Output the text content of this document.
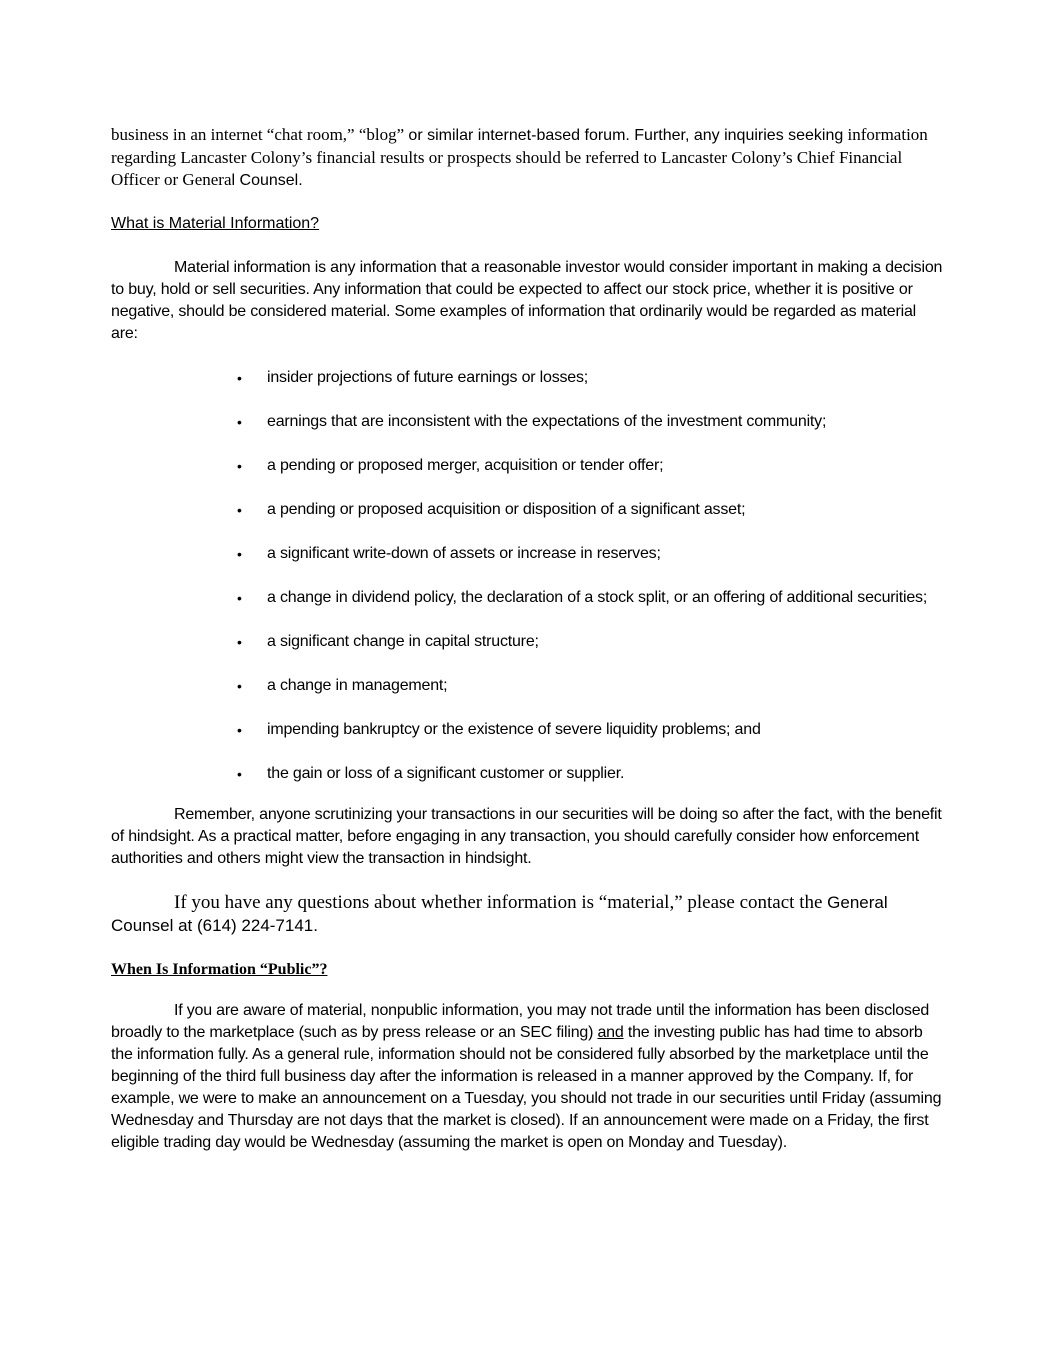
business in an internet “chat room,” “blog” or similar internet-based forum. Further, any inquiries seeking information regarding Lancaster Colony’s financial results or prospects should be referred to Lancaster Colony’s Chief Financial Officer or General Counsel.

What is Material Information?

Material information is any information that a reasonable investor would consider important in making a decision to buy, hold or sell securities. Any information that could be expected to affect our stock price, whether it is positive or negative, should be considered material. Some examples of information that ordinarily would be regarded as material are:

• insider projections of future earnings or losses;
• earnings that are inconsistent with the expectations of the investment community;
• a pending or proposed merger, acquisition or tender offer;
• a pending or proposed acquisition or disposition of a significant asset;
• a significant write-down of assets or increase in reserves;
• a change in dividend policy, the declaration of a stock split, or an offering of additional securities;
• a significant change in capital structure;
• a change in management;
• impending bankruptcy or the existence of severe liquidity problems; and
• the gain or loss of a significant customer or supplier.

Remember, anyone scrutinizing your transactions in our securities will be doing so after the fact, with the benefit of hindsight. As a practical matter, before engaging in any transaction, you should carefully consider how enforcement authorities and others might view the transaction in hindsight.

If you have any questions about whether information is “material,” please contact the General Counsel at (614) 224-7141.

When Is Information “Public”?

If you are aware of material, nonpublic information, you may not trade until the information has been disclosed broadly to the marketplace (such as by press release or an SEC filing) and the investing public has had time to absorb the information fully. As a general rule, information should not be considered fully absorbed by the marketplace until the beginning of the third full business day after the information is released in a manner approved by the Company. If, for example, we were to make an announcement on a Tuesday, you should not trade in our securities until Friday (assuming Wednesday and Thursday are not days that the market is closed). If an announcement were made on a Friday, the first eligible trading day would be Wednesday (assuming the market is open on Monday and Tuesday).
